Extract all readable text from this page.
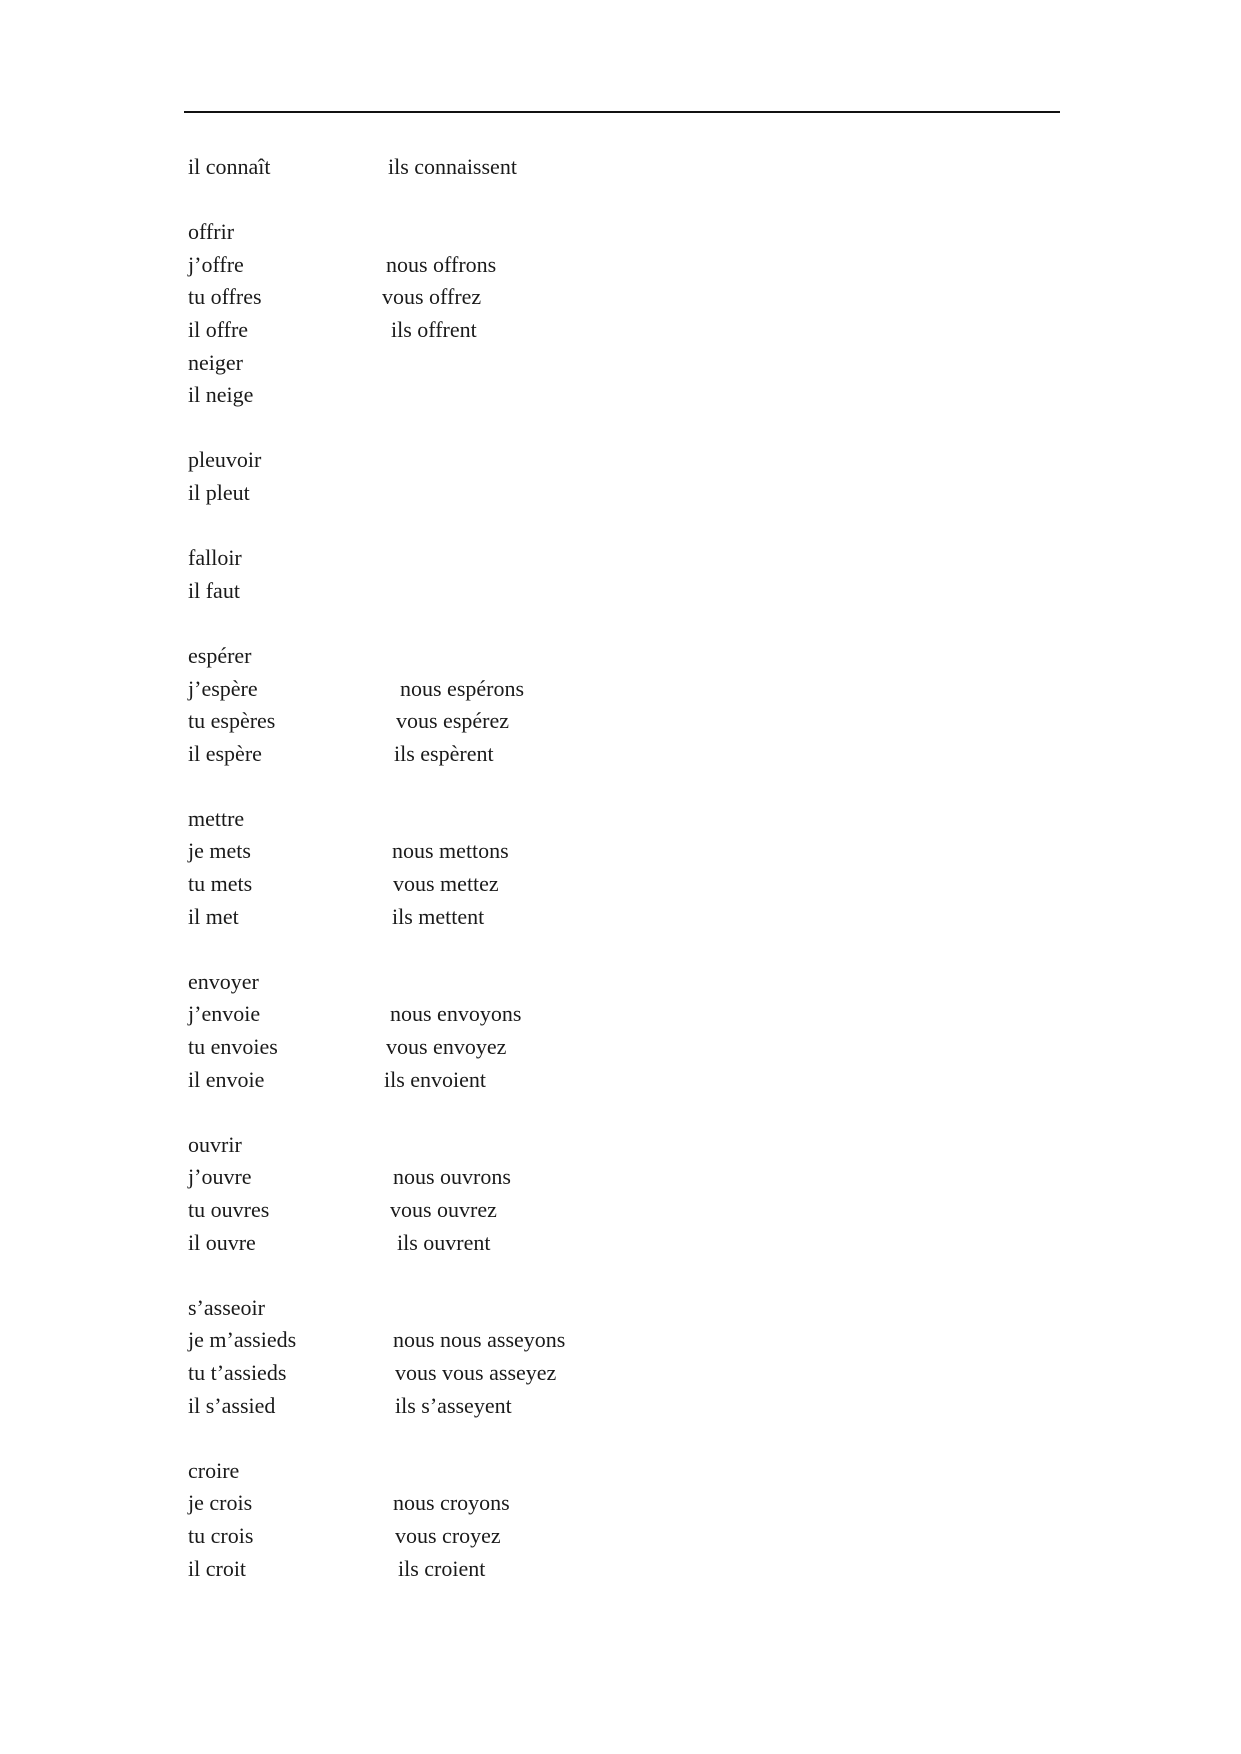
il connaît	ils connaissent
offrir
j’offre	nous offrons
tu offres	vous offrez
il offre	ils offrent
neiger
il neige
pleuvoir
il pleut
falloir
il faut
espérer
j’espère	nous espérons
tu espères	vous espérez
il espère	ils espèrent
mettre
je mets	nous mettons
tu mets	vous mettez
il met	ils mettent
envoyer
j’envoie	nous envoyons
tu envoies	vous envoyez
il envoie	ils envoient
ouvrir
j’ouvre	nous ouvrons
tu ouvres	vous ouvrez
il ouvre	ils ouvrent
s’asseoir
je m’assieds	nous nous asseyons
tu t’assieds	vous vous asseyez
il s’assied	ils s’asseyent
croire
je crois	nous croyons
tu crois	vous croyez
il croit	ils croient
